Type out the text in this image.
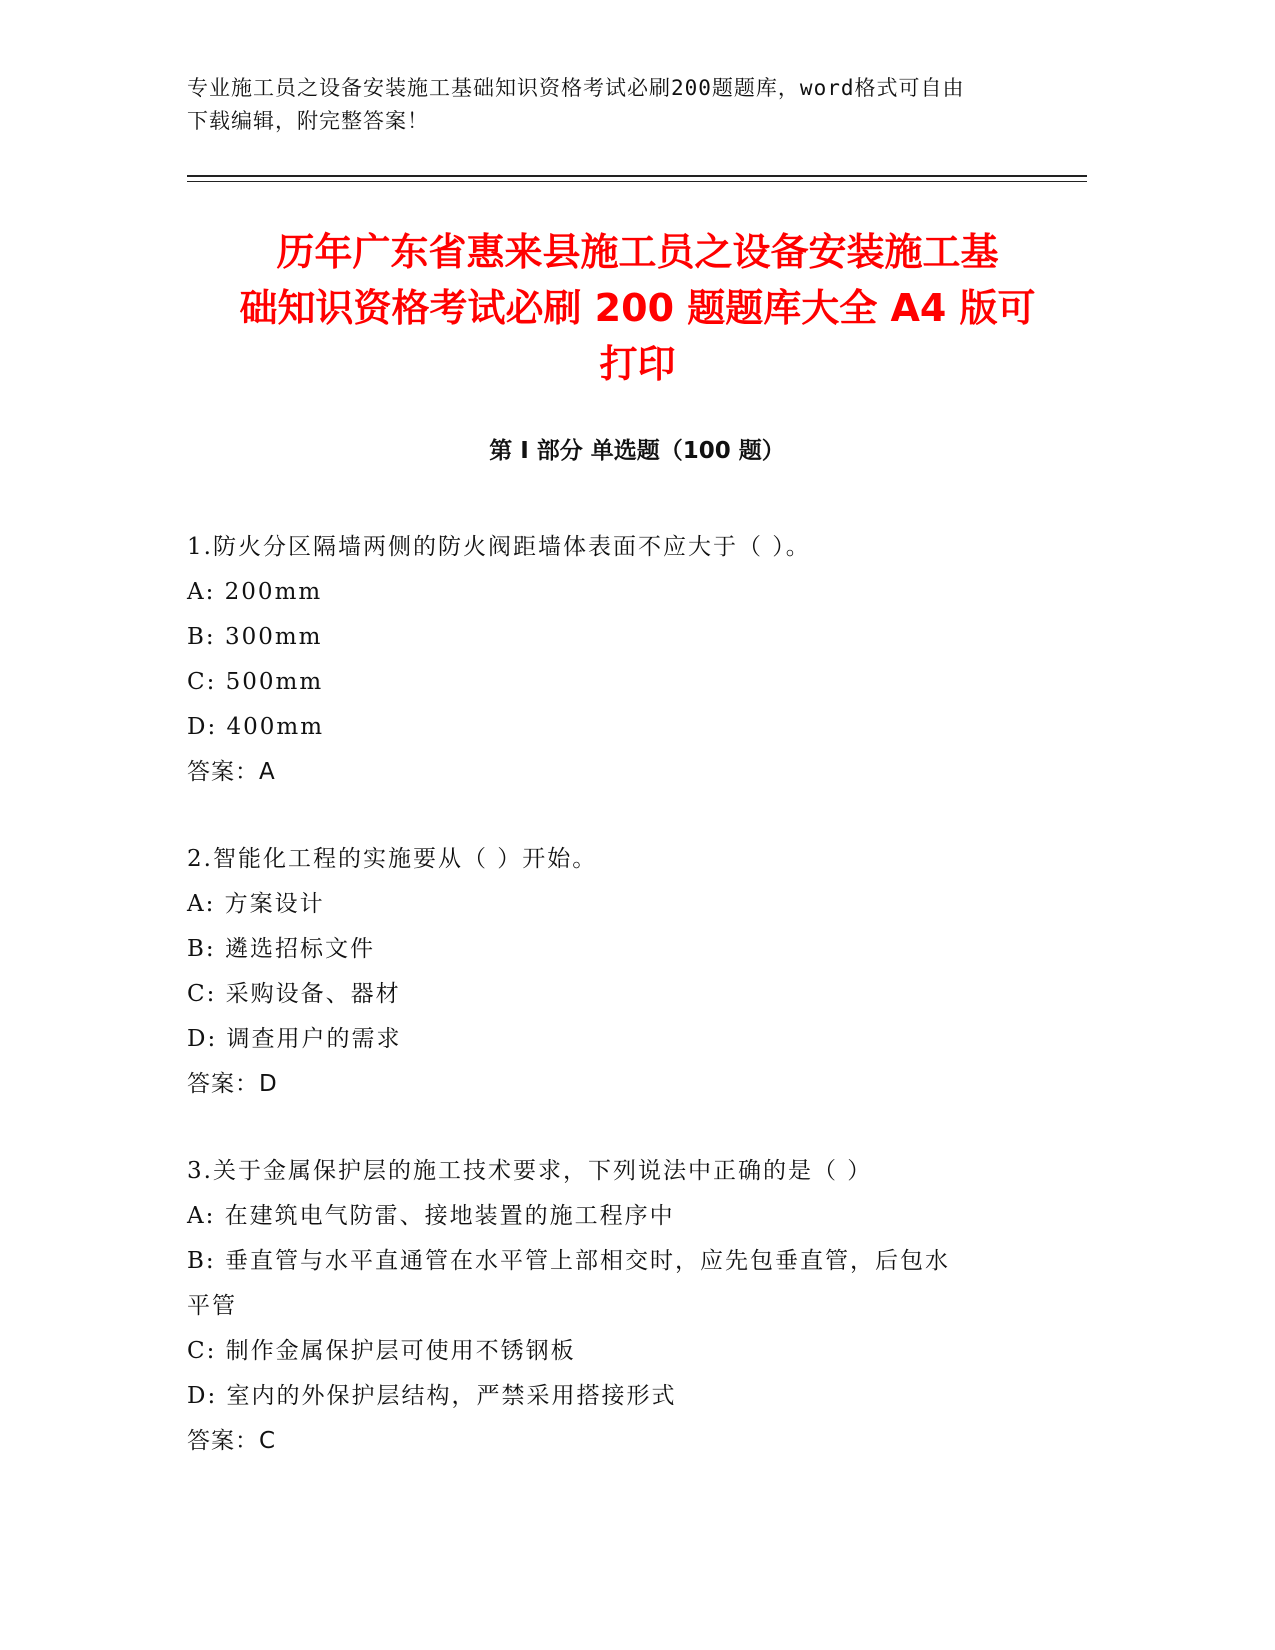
专业施工员之设备安装施工基础知识资格考试必刷200题题库，word格式可自由
下载编辑，附完整答案！
历年广东省惠来县施工员之设备安装施工基
础知识资格考试必刷 200 题题库大全 A4 版可
打印
第 I 部分 单选题（100 题）
1.防火分区隔墙两侧的防火阀距墙体表面不应大于（ ）。
A: 200mm
B: 300mm
C: 500mm
D: 400mm
答案：A
2.智能化工程的实施要从（ ）开始。
A: 方案设计
B: 遴选招标文件
C: 采购设备、器材
D: 调查用户的需求
答案：D
3.关于金属保护层的施工技术要求，下列说法中正确的是（ ）
A: 在建筑电气防雷、接地装置的施工程序中
B: 垂直管与水平直通管在水平管上部相交时，应先包垂直管，后包水
平管
C: 制作金属保护层可使用不锈钢板
D: 室内的外保护层结构，严禁采用搭接形式
答案：C
